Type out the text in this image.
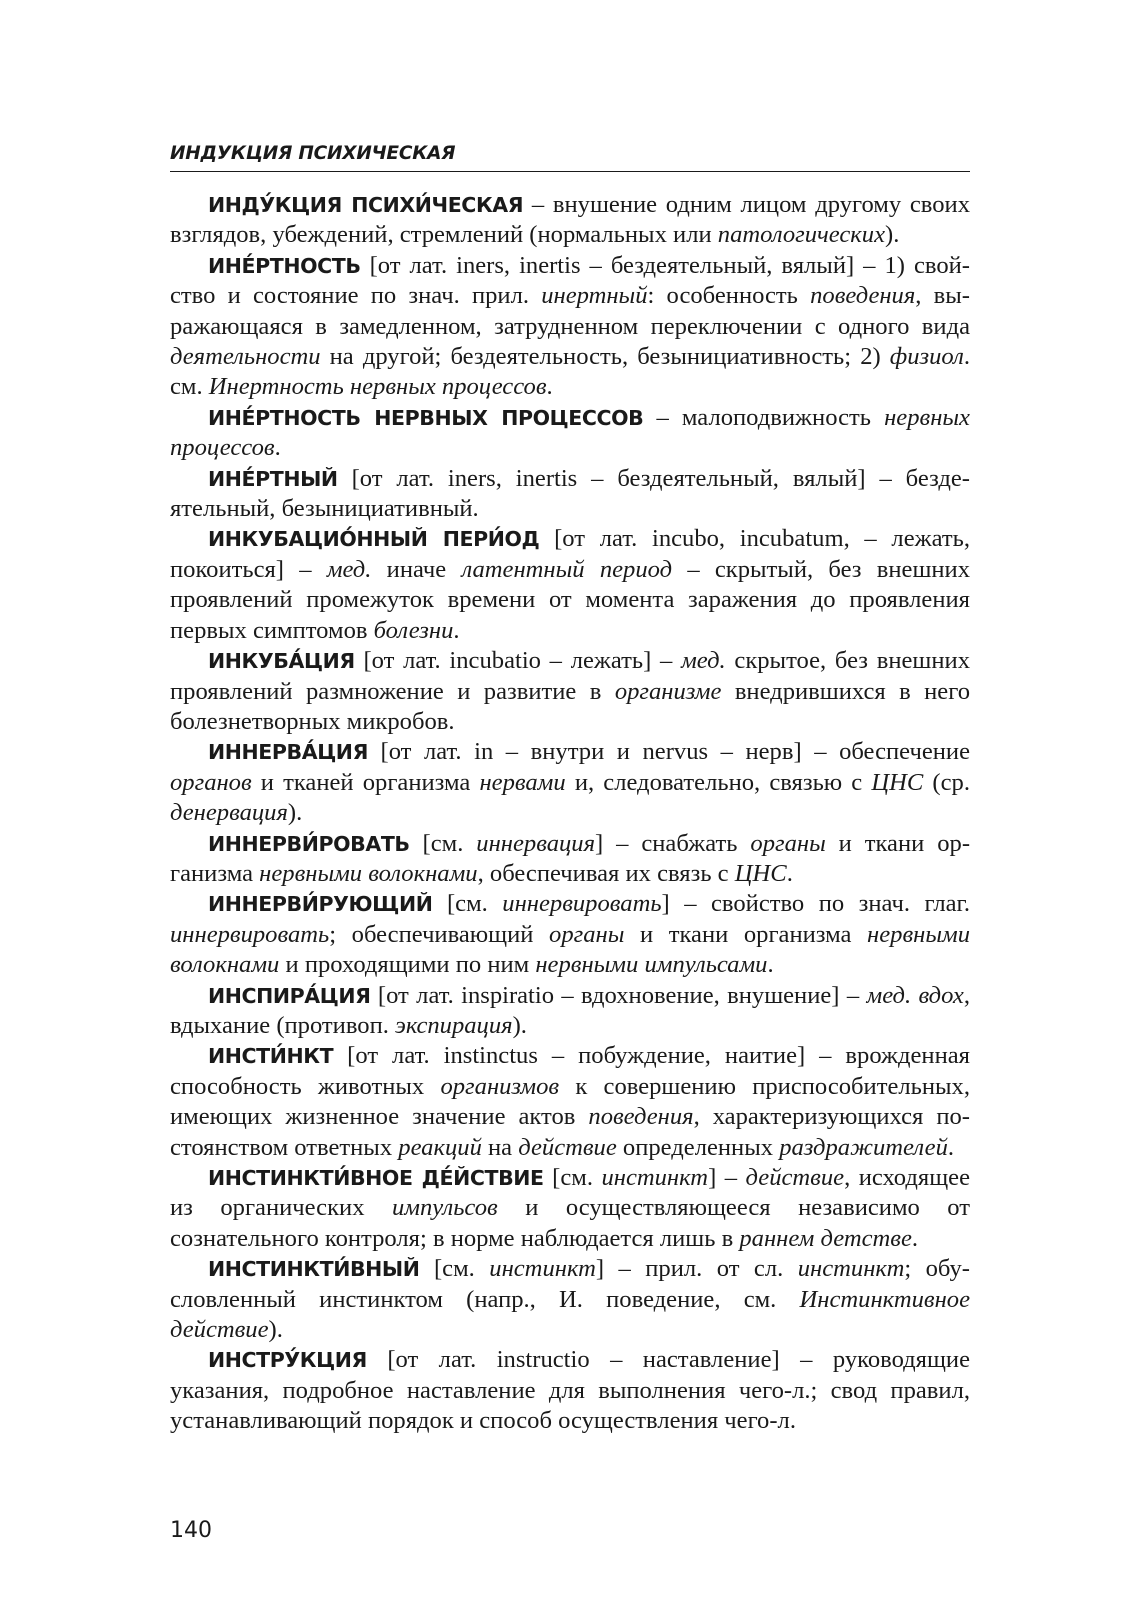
ИНДУКЦИЯ ПСИХИЧЕСКАЯ

ИНДУ́КЦИЯ ПСИХИ́ЧЕСКАЯ – внушение одним лицом другому своих взглядов, убеждений, стремлений (нормальных или патологических).

ИНЕ́РТНОСТЬ [от лат. iners, inertis – бездеятельный, вялый] – 1) свойство и состояние по знач. прил. инертный: особенность поведения, выражающаяся в замедленном, затрудненном переключении с одного вида деятельности на другой; бездеятельность, безынициативность; 2) физиол. см. Инертность нервных процессов.

ИНЕ́РТНОСТЬ НЕРВНЫХ ПРОЦЕССОВ – малоподвижность нервных процессов.

ИНЕ́РТНЫЙ [от лат. iners, inertis – бездеятельный, вялый] – бездеятельный, безынициативный.

ИНКУБАЦИО́ННЫЙ ПЕРИ́ОД [от лат. incubo, incubatum, – лежать, покоиться] – мед. иначе латентный период – скрытый, без внешних проявлений промежуток времени от момента заражения до проявления первых симптомов болезни.

ИНКУБА́ЦИЯ [от лат. incubatio – лежать] – мед. скрытое, без внешних проявлений размножение и развитие в организме внедрившихся в него болезнетворных микробов.

ИННЕРВА́ЦИЯ [от лат. in – внутри и nervus – нерв] – обеспечение органов и тканей организма нервами и, следовательно, связью с ЦНС (ср. денервация).

ИННЕРВИ́РОВАТЬ [см. иннервация] – снабжать органы и ткани организма нервными волокнами, обеспечивая их связь с ЦНС.

ИННЕРВИ́РУЮЩИЙ [см. иннервировать] – свойство по знач. глаг. иннервировать; обеспечивающий органы и ткани организма нервными волокнами и проходящими по ним нервными импульсами.

ИНСПИРА́ЦИЯ [от лат. inspiratio – вдохновение, внушение] – мед. вдох, вдыхание (противоп. экспирация).

ИНСТИ́НКТ [от лат. instinctus – побуждение, наитие] – врожденная способность животных организмов к совершению приспособительных, имеющих жизненное значение актов поведения, характеризующихся постоянством ответных реакций на действие определенных раздражителей.

ИНСТИНКТИ́ВНОЕ ДЕ́ЙСТВИЕ [см. инстинкт] – действие, исходящее из органических импульсов и осуществляющееся независимо от сознательного контроля; в норме наблюдается лишь в раннем детстве.

ИНСТИНКТИ́ВНЫЙ [см. инстинкт] – прил. от сл. инстинкт; обусловленный инстинктом (напр., И. поведение, см. Инстинктивное действие).

ИНСТРУ́КЦИЯ [от лат. instructio – наставление] – руководящие указания, подробное наставление для выполнения чего-л.; свод правил, устанавливающий порядок и способ осуществления чего-л.

140
